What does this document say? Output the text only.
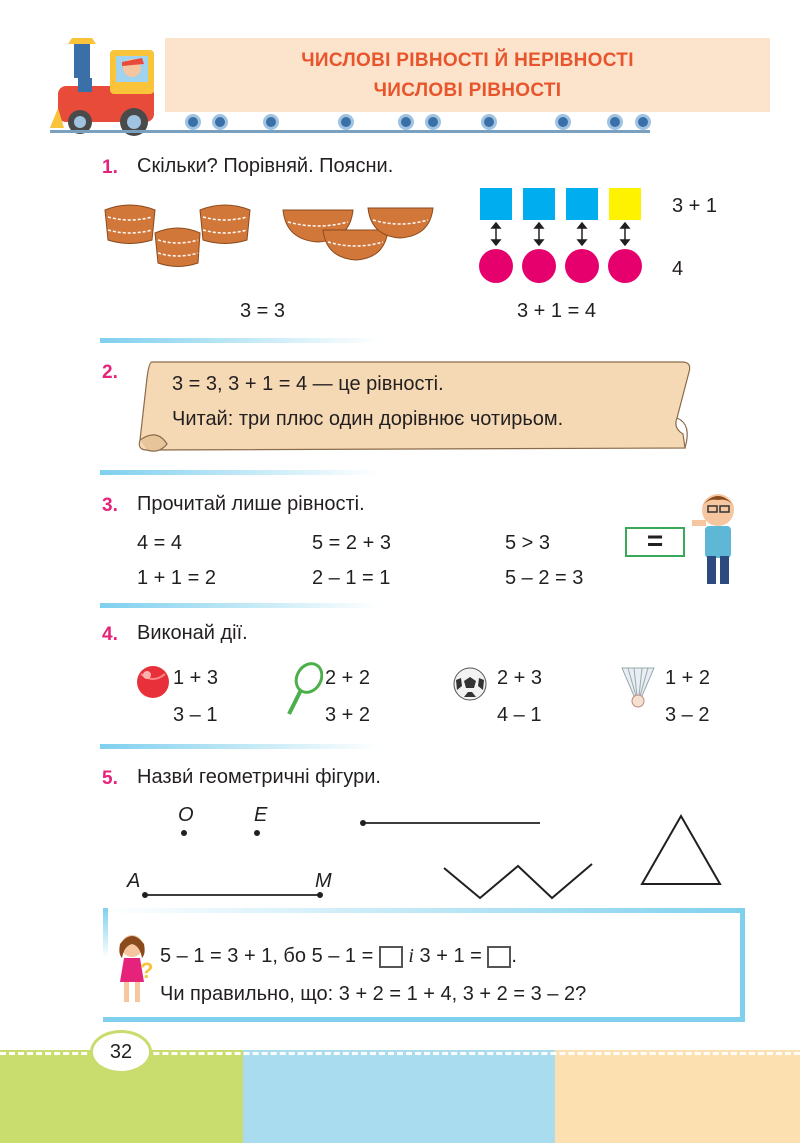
ЧИСЛОВІ РІВНОСТІ Й НЕРІВНОСТІ
ЧИСЛОВІ РІВНОСТІ
1. Скільки? Порівняй. Поясни.
3 + 1
4
3 = 3	3 + 1 = 4
2.
3 = 3, 3 + 1 = 4 — це рівності.
Читай: три плюс один дорівнює чотирьом.
3. Прочитай лише рівності.
4 = 4	5 = 2 + 3	5 > 3
1 + 1 = 2	2 – 1 = 1	5 – 2 = 3
=
4. Виконай дії.
1 + 3
3 – 1
2 + 2
3 + 2
2 + 3
4 – 1
1 + 2
3 – 2
5. Назви́ геометричні фігури.
O	E
A	M
?
5 – 1 = 3 + 1, бо 5 – 1 = і 3 + 1 = .
Чи правильно, що: 3 + 2 = 1 + 4, 3 + 2 = 3 – 2?
32
